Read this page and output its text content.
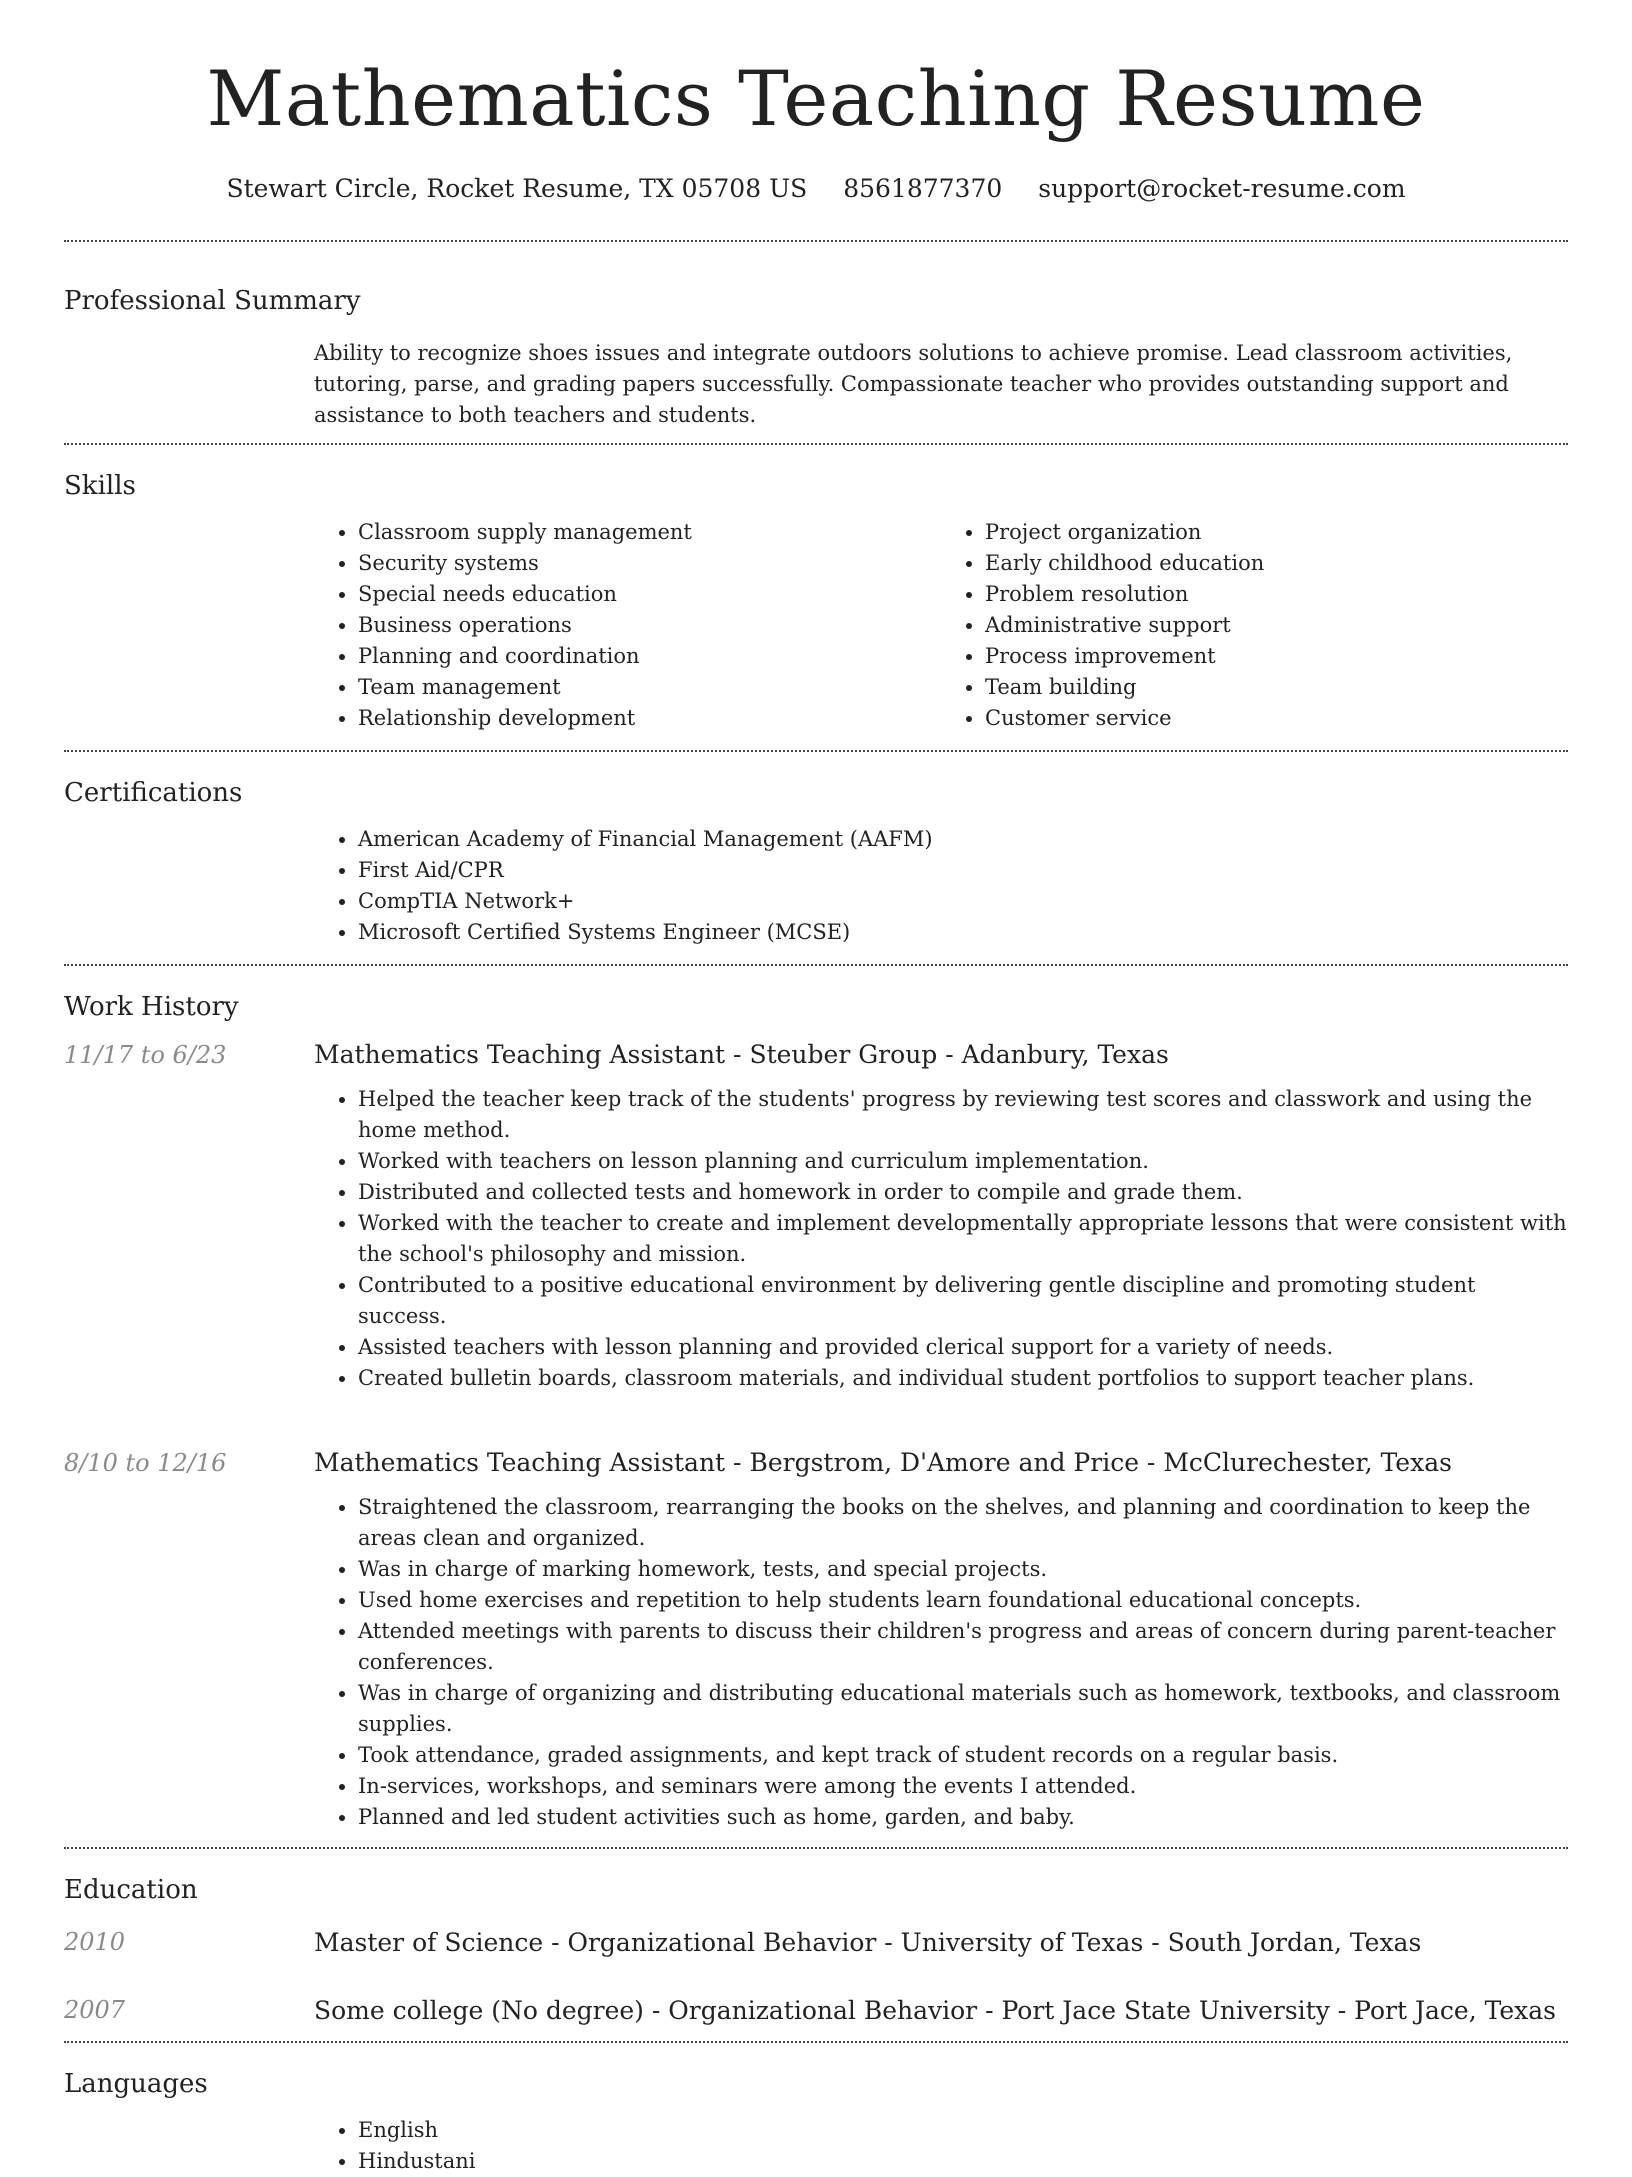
Mathematics Teaching Resume
Stewart Circle, Rocket Resume, TX 05708 US 8561877370 support@rocket-resume.com
Professional Summary
Ability to recognize shoes issues and integrate outdoors solutions to achieve promise. Lead classroom activities, tutoring, parse, and grading papers successfully. Compassionate teacher who provides outstanding support and assistance to both teachers and students.
Skills
• Classroom supply management
• Security systems
• Special needs education
• Business operations
• Planning and coordination
• Team management
• Relationship development
• Project organization
• Early childhood education
• Problem resolution
• Administrative support
• Process improvement
• Team building
• Customer service
Certifications
• American Academy of Financial Management (AAFM)
• First Aid/CPR
• CompTIA Network+
• Microsoft Certified Systems Engineer (MCSE)
Work History
11/17 to 6/23	Mathematics Teaching Assistant - Steuber Group - Adanbury, Texas
• Helped the teacher keep track of the students' progress by reviewing test scores and classwork and using the home method.
• Worked with teachers on lesson planning and curriculum implementation.
• Distributed and collected tests and homework in order to compile and grade them.
• Worked with the teacher to create and implement developmentally appropriate lessons that were consistent with the school's philosophy and mission.
• Contributed to a positive educational environment by delivering gentle discipline and promoting student success.
• Assisted teachers with lesson planning and provided clerical support for a variety of needs.
• Created bulletin boards, classroom materials, and individual student portfolios to support teacher plans.
8/10 to 12/16	Mathematics Teaching Assistant - Bergstrom, D'Amore and Price - McClurechester, Texas
• Straightened the classroom, rearranging the books on the shelves, and planning and coordination to keep the areas clean and organized.
• Was in charge of marking homework, tests, and special projects.
• Used home exercises and repetition to help students learn foundational educational concepts.
• Attended meetings with parents to discuss their children's progress and areas of concern during parent-teacher conferences.
• Was in charge of organizing and distributing educational materials such as homework, textbooks, and classroom supplies.
• Took attendance, graded assignments, and kept track of student records on a regular basis.
• In-services, workshops, and seminars were among the events I attended.
• Planned and led student activities such as home, garden, and baby.
Education
2010	Master of Science - Organizational Behavior - University of Texas - South Jordan, Texas
2007	Some college (No degree) - Organizational Behavior - Port Jace State University - Port Jace, Texas
Languages
• English
• Hindustani
